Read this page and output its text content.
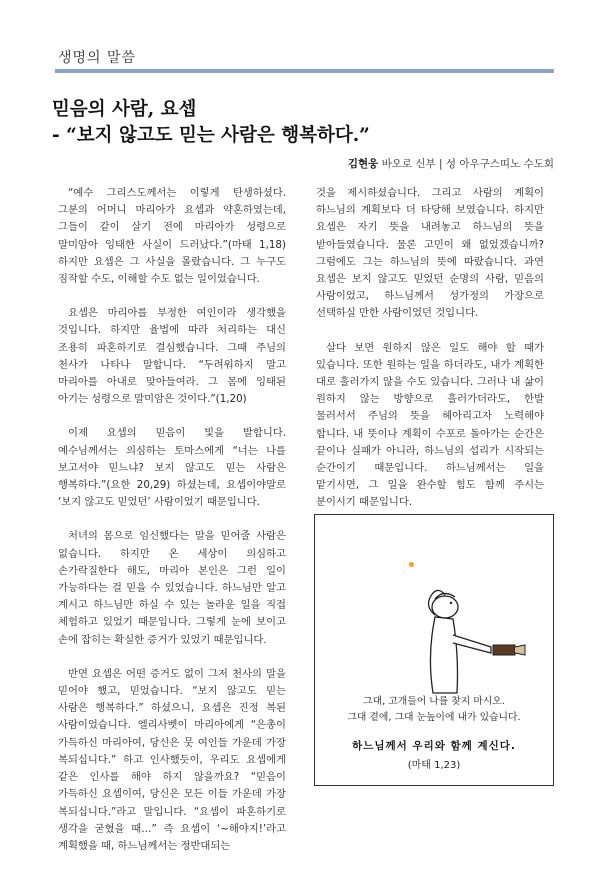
생명의 말씀
믿음의 사람, 요셉
- “보지 않고도 믿는 사람은 행복하다.”
김현웅 바오로 신부 | 성 아우구스띠노 수도회

“예수 그리스도께서는 이렇게 탄생하셨다. 그분의 어머니 마리아가 요셉과 약혼하였는데, 그들이 같이 살기 전에 마리아가 성령으로 말미암아 잉태한 사실이 드러났다.”(마태 1,18) 하지만 요셉은 그 사실을 몰랐습니다. 그 누구도 짐작할 수도, 이해할 수도 없는 일이었습니다.

요셉은 마리아를 부정한 여인이라 생각했을 것입니다. 하지만 율법에 따라 처리하는 대신 조용히 파혼하기로 결심했습니다. 그때 주님의 천사가 나타나 말합니다. “두려워하지 말고 마리아를 아내로 맞아들여라. 그 몸에 잉태된 아기는 성령으로 말미암은 것이다.”(1,20)

이제 요셉의 믿음이 빛을 발합니다. 예수님께서는 의심하는 토마스에게 “너는 나를 보고서야 믿느냐? 보지 않고도 믿는 사람은 행복하다.”(요한 20,29) 하셨는데, 요셉이야말로 ‘보지 않고도 믿었던’ 사람이었기 때문입니다.

처녀의 몸으로 임신했다는 말을 믿어줄 사람은 없습니다. 하지만 온 세상이 의심하고 손가락질한다 해도, 마리아 본인은 그런 일이 가능하다는 걸 믿을 수 있었습니다. 하느님만 알고 계시고 하느님만 하실 수 있는 놀라운 일을 직접 체험하고 있었기 때문입니다. 그렇게 눈에 보이고 손에 잡히는 확실한 증거가 있었기 때문입니다.

반면 요셉은 어떤 증거도 없이 그저 천사의 말을 믿어야 했고, 믿었습니다. “보지 않고도 믿는 사람은 행복하다.” 하셨으니, 요셉은 진정 복된 사람이었습니다. 엘리사벳이 마리아에게 “은총이 가득하신 마리아여, 당신은 뭇 여인들 가운데 가장 복되십니다.” 하고 인사했듯이, 우리도 요셉에게 같은 인사를 해야 하지 않을까요? “믿음이 가득하신 요셉이여, 당신은 모든 이들 가운데 가장 복되십니다.”라고 말입니다. “요셉이 파혼하기로 생각을 굳혔을 때…” 즉 요셉이 ‘~해야지!’라고 계획했을 때, 하느님께서는 정반대되는

것을 제시하셨습니다. 그리고 사람의 계획이 하느님의 계획보다 더 타당해 보였습니다. 하지만 요셉은 자기 뜻을 내려놓고 하느님의 뜻을 받아들였습니다. 물론 고민이 왜 없었겠습니까? 그럼에도 그는 하느님의 뜻에 따랐습니다. 과연 요셉은 보지 않고도 믿었던 순명의 사람, 믿음의 사람이었고, 하느님께서 성가정의 가장으로 선택하실 만한 사람이었던 것입니다.

살다 보면 원하지 않은 일도 해야 할 때가 있습니다. 또한 원하는 일을 하더라도, 내가 계획한 대로 흘러가지 않을 수도 있습니다. 그러나 내 삶이 원하지 않는 방향으로 흘러가더라도, 한발 물러서서 주님의 뜻을 헤아리고자 노력해야 합니다. 내 뜻이나 계획이 수포로 돌아가는 순간은 끝이나 실패가 아니라, 하느님의 섭리가 시작되는 순간이기 때문입니다. 하느님께서는 일을 맡기시면, 그 일을 완수할 힘도 함께 주시는 분이시기 때문입니다.

그대, 고개들어 나를 찾지 마시오.
그대 곁에, 그대 눈높이에 내가 있습니다.
하느님께서 우리와 함께 계신다.
(마태 1,23)
